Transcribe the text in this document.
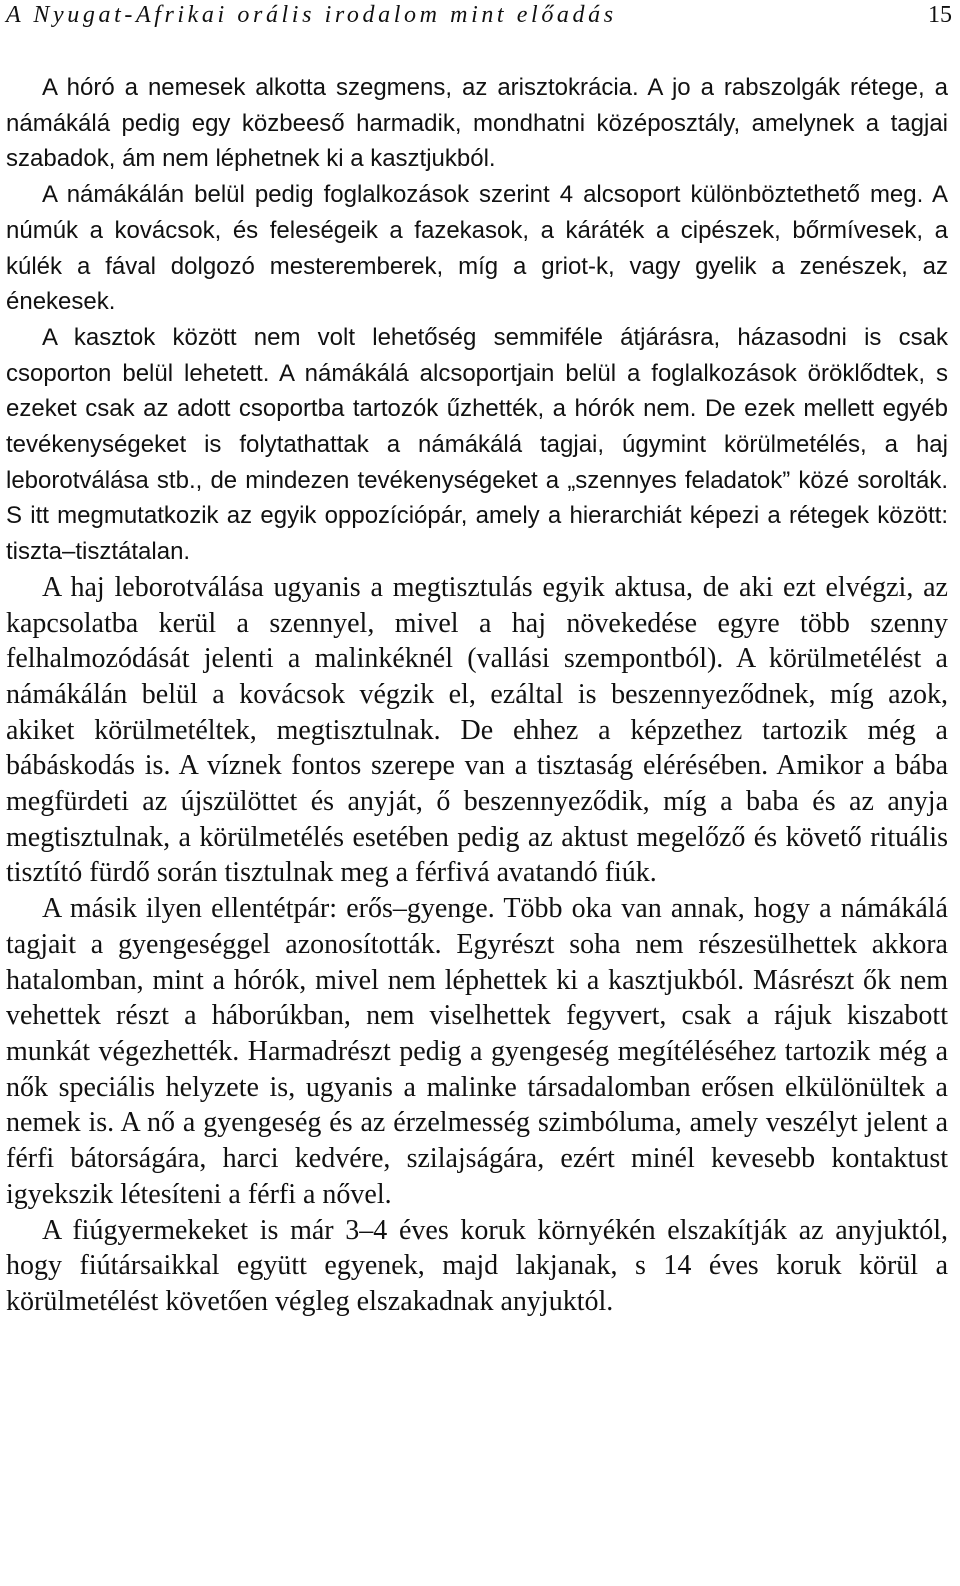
A Nyugat-Afrikai orális irodalom mint előadás	15

A hóró a nemesek alkotta szegmens, az arisztokrácia. A jo a rabszolgák rétege, a námákálá pedig egy közbeeső harmadik, mondhatni középosztály, amelynek a tagjai szabadok, ám nem léphetnek ki a kasztjukból.

A námákálán belül pedig foglalkozások szerint 4 alcsoport különböztethető meg. A númúk a kovácsok, és feleségeik a fazekasok, a káráték a cipészek, bőrmívesek, a kúlék a fával dolgozó mesteremberek, míg a griot-k, vagy gyelik a zenészek, az énekesek.

A kasztok között nem volt lehetőség semmiféle átjárásra, házasodni is csak csoporton belül lehetett. A námákálá alcsoportjain belül a foglalkozások öröklődtek, s ezeket csak az adott csoportba tartozók űzhették, a hórók nem. De ezek mellett egyéb tevékenységeket is folytathattak a námákálá tagjai, úgymint körülmetélés, a haj leborotválása stb., de mindezen tevékenységeket a „szennyes feladatok” közé sorolták. S itt megmutatkozik az egyik oppozíciópár, amely a hierarchiát képezi a rétegek között: tiszta–tisztátalan.

A haj leborotválása ugyanis a megtisztulás egyik aktusa, de aki ezt elvégzi, az kapcsolatba kerül a szennyel, mivel a haj növekedése egyre több szenny felhalmozódását jelenti a malinkéknél (vallási szempontból). A körülmetélést a námákálán belül a kovácsok végzik el, ezáltal is beszennyeződnek, míg azok, akiket körülmetéltek, megtisztulnak. De ehhez a képzethez tartozik még a bábáskodás is. A víznek fontos szerepe van a tisztaság elérésében. Amikor a bába megfürdeti az újszülöttet és anyját, ő beszennyeződik, míg a baba és az anyja megtisztulnak, a körülmetélés esetében pedig az aktust megelőző és követő rituális tisztító fürdő során tisztulnak meg a férfivá avatandó fiúk.

A másik ilyen ellentétpár: erős–gyenge. Több oka van annak, hogy a námákálá tagjait a gyengeséggel azonosították. Egyrészt soha nem részesülhettek akkora hatalomban, mint a hórók, mivel nem léphettek ki a kasztjukból. Másrészt ők nem vehettek részt a háborúkban, nem viselhettek fegyvert, csak a rájuk kiszabott munkát végezhették. Harmadrészt pedig a gyengeség megítéléséhez tartozik még a nők speciális helyzete is, ugyanis a malinke társadalomban erősen elkülönültek a nemek is. A nő a gyengeség és az érzelmesség szimbóluma, amely veszélyt jelent a férfi bátorságára, harci kedvére, szilajságára, ezért minél kevesebb kontaktust igyekszik létesíteni a férfi a nővel.

A fiúgyermekeket is már 3–4 éves koruk környékén elszakítják az anyjuktól, hogy fiútársaikkal együtt egyenek, majd lakjanak, s 14 éves koruk körül a körülmetélést követően végleg elszakadnak anyjuktól.
